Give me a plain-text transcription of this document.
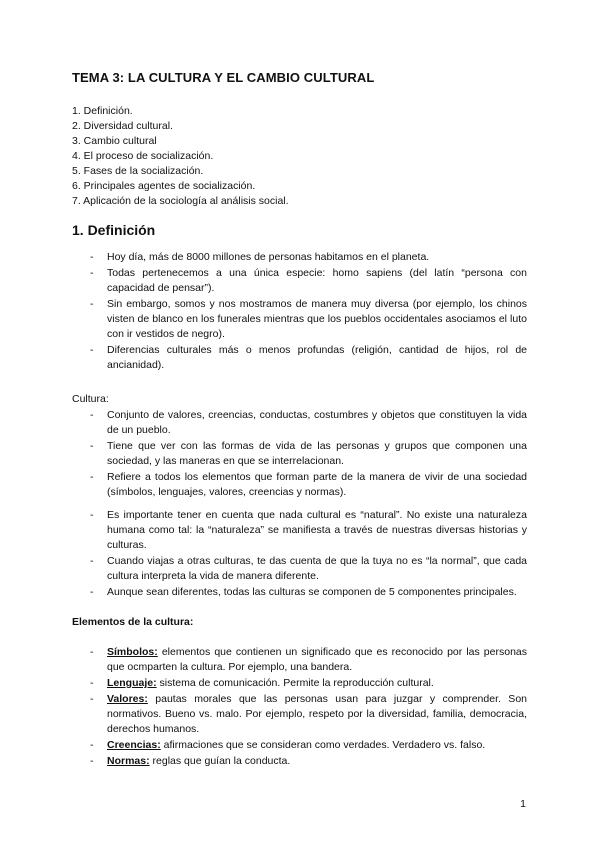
TEMA 3: LA CULTURA Y EL CAMBIO CULTURAL
1. Definición.
2. Diversidad cultural.
3. Cambio cultural
4. El proceso de socialización.
5. Fases de la socialización.
6. Principales agentes de socialización.
7. Aplicación de la sociología al análisis social.
1. Definición
- Hoy día, más de 8000 millones de personas habitamos en el planeta.
- Todas pertenecemos a una única especie: homo sapiens (del latín “persona con capacidad de pensar”).
- Sin embargo, somos y nos mostramos de manera muy diversa (por ejemplo, los chinos visten de blanco en los funerales mientras que los pueblos occidentales asociamos el luto con ir vestidos de negro).
- Diferencias culturales más o menos profundas (religión, cantidad de hijos, rol de ancianidad).
Cultura:
- Conjunto de valores, creencias, conductas, costumbres y objetos que constituyen la vida de un pueblo.
- Tiene que ver con las formas de vida de las personas y grupos que componen una sociedad, y las maneras en que se interrelacionan.
- Refiere a todos los elementos que forman parte de la manera de vivir de una sociedad (símbolos, lenguajes, valores, creencias y normas).
- Es importante tener en cuenta que nada cultural es “natural”. No existe una naturaleza humana como tal: la “naturaleza” se manifiesta a través de nuestras diversas historias y culturas.
- Cuando viajas a otras culturas, te das cuenta de que la tuya no es “la normal”, que cada cultura interpreta la vida de manera diferente.
- Aunque sean diferentes, todas las culturas se componen de 5 componentes principales.
Elementos de la cultura:
- Símbolos: elementos que contienen un significado que es reconocido por las personas que ocmparten la cultura. Por ejemplo, una bandera.
- Lenguaje: sistema de comunicación. Permite la reproducción cultural.
- Valores: pautas morales que las personas usan para juzgar y comprender. Son normativos. Bueno vs. malo. Por ejemplo, respeto por la diversidad, familia, democracia, derechos humanos.
- Creencias: afirmaciones que se consideran como verdades. Verdadero vs. falso.
- Normas: reglas que guían la conducta.
1
